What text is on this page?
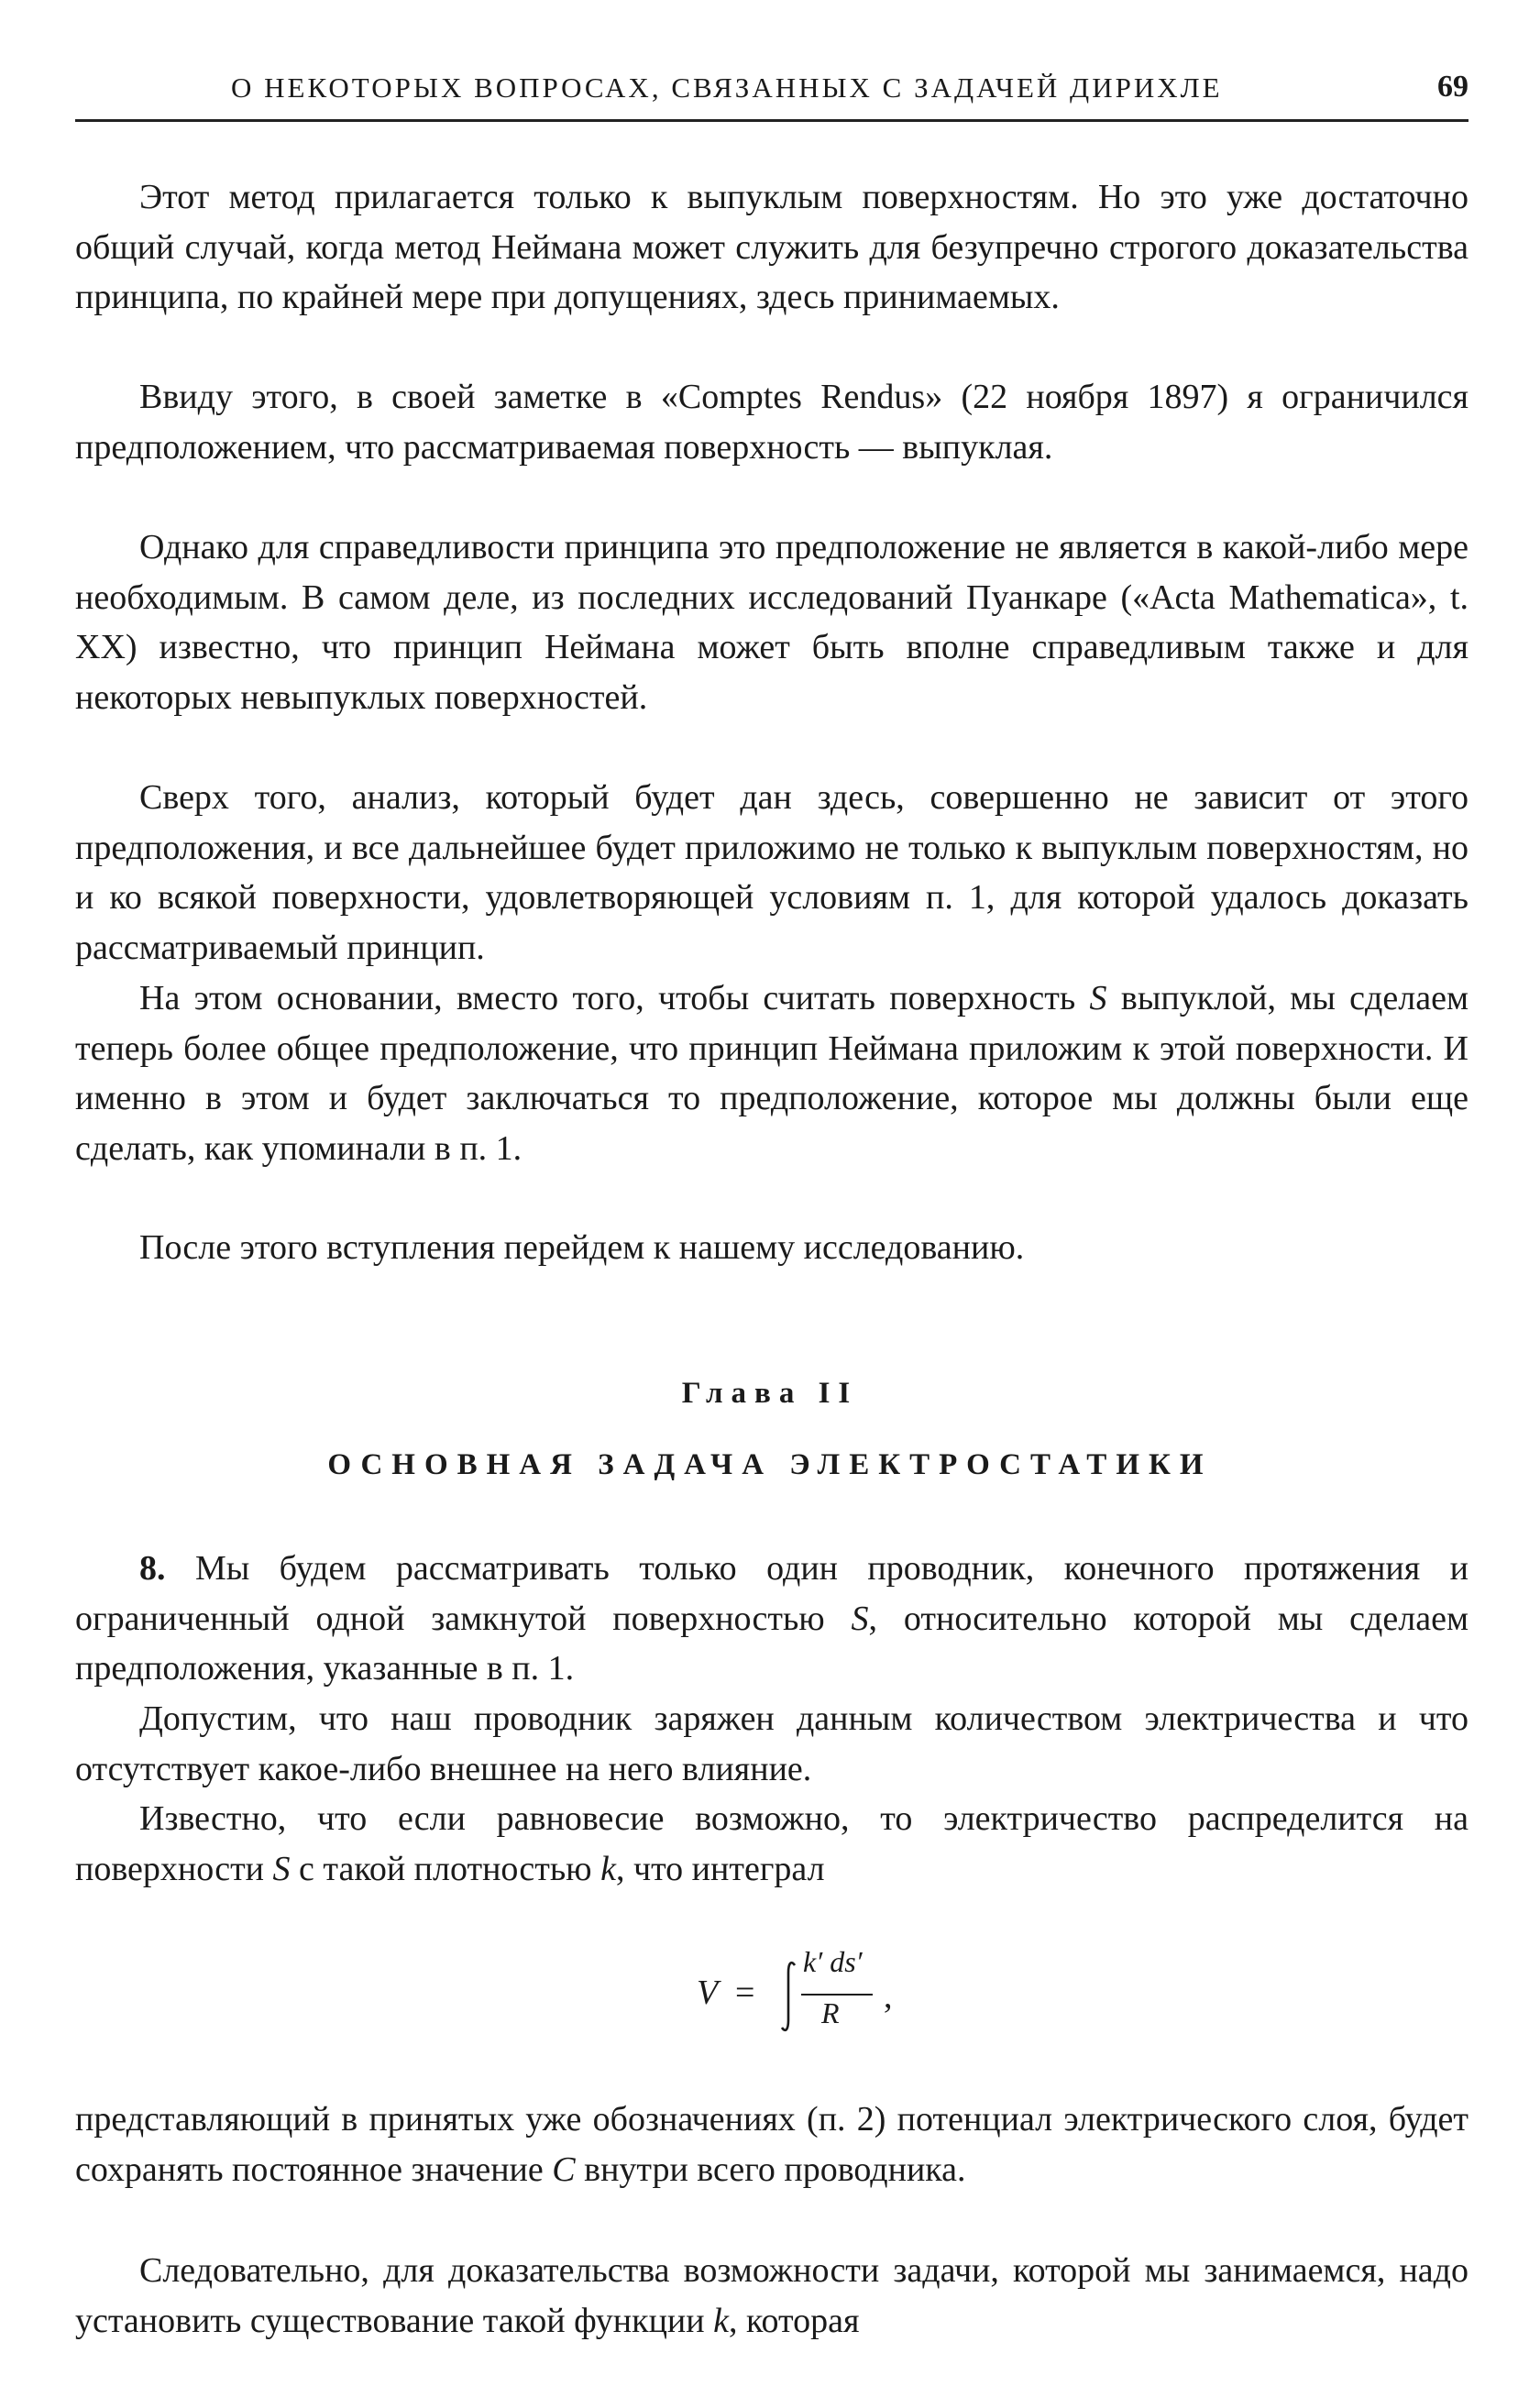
О НЕКОТОРЫХ ВОПРОСАХ, СВЯЗАННЫХ С ЗАДАЧЕЙ ДИРИХЛЕ	69

Этот метод прилагается только к выпуклым поверхностям. Но это уже достаточно общий случай, когда метод Неймана может служить для безупречно строгого доказательства принципа, по крайней мере при допущениях, здесь принимаемых.

Ввиду этого, в своей заметке в «Comptes Rendus» (22 ноября 1897) я ограничился предположением, что рассматриваемая поверхность — выпуклая.

Однако для справедливости принципа это предположение не является в какой-либо мере необходимым. В самом деле, из последних исследований Пуанкаре («Acta Mathematica», t. XX) известно, что принцип Неймана может быть вполне справедливым также и для некоторых невыпуклых поверхностей.

Сверх того, анализ, который будет дан здесь, совершенно не зависит от этого предположения, и все дальнейшее будет приложимо не только к выпуклым поверхностям, но и ко всякой поверхности, удовлетворяющей условиям п. 1, для которой удалось доказать рассматриваемый принцип.

На этом основании, вместо того, чтобы считать поверхность S выпуклой, мы сделаем теперь более общее предположение, что принцип Неймана приложим к этой поверхности. И именно в этом и будет заключаться то предположение, которое мы должны были еще сделать, как упоминали в п. 1.

После этого вступления перейдем к нашему исследованию.

Глава II
ОСНОВНАЯ ЗАДАЧА ЭЛЕКТРОСТАТИКИ

8. Мы будем рассматривать только один проводник, конечного протяжения и ограниченный одной замкнутой поверхностью S, относительно которой мы сделаем предположения, указанные в п. 1.

Допустим, что наш проводник заряжен данным количеством электричества и что отсутствует какое-либо внешнее на него влияние.

Известно, что если равновесие возможно, то электричество распределится на поверхности S с такой плотностью k, что интеграл

V =
k′ ds′
R ,

представляющий в принятых уже обозначениях (п. 2) потенциал электрического слоя, будет сохранять постоянное значение C внутри всего проводника.

Следовательно, для доказательства возможности задачи, которой мы занимаемся, надо установить существование такой функции k, которая
